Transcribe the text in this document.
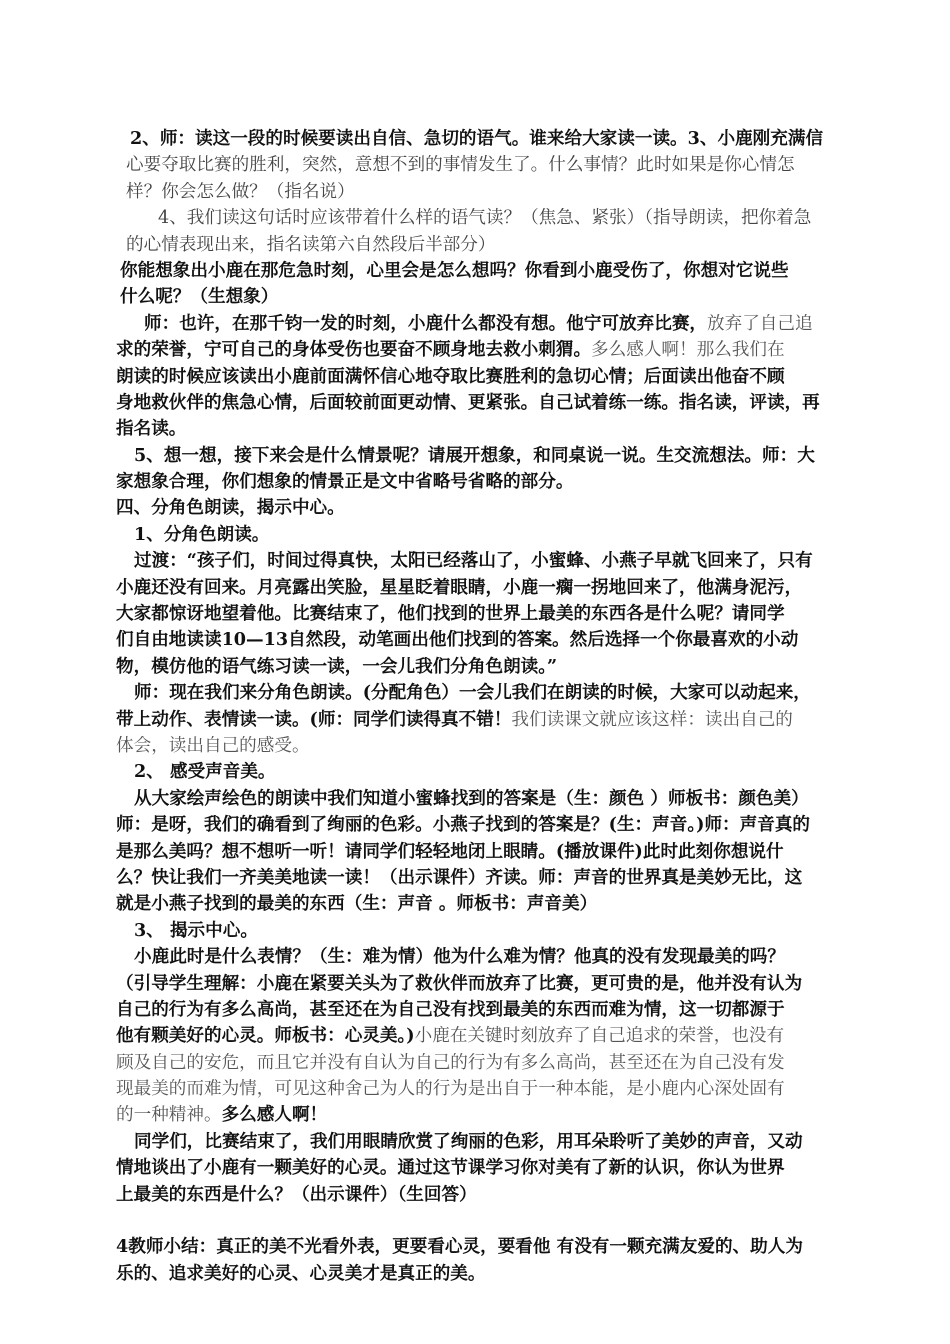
2、师：读这一段的时候要读出自信、急切的语气。谁来给大家读一读。3、小鹿刚充满信
心要夺取比赛的胜利，突然，意想不到的事情发生了。什么事情？此时如果是你心情怎
样？你会怎么做？（指名说）
4、我们读这句话时应该带着什么样的语气读？（焦急、紧张）（指导朗读，把你着急
的心情表现出来，指名读第六自然段后半部分）
你能想象出小鹿在那危急时刻，心里会是怎么想吗？你看到小鹿受伤了，你想对它说些
什么呢？（生想象）
师：也许，在那千钧一发的时刻，小鹿什么都没有想。他宁可放弃比赛，放弃了自己追
求的荣誉，宁可自己的身体受伤也要奋不顾身地去救小刺猬。多么感人啊！那么我们在
朗读的时候应该读出小鹿前面满怀信心地夺取比赛胜利的急切心情；后面读出他奋不顾
身地救伙伴的焦急心情，后面较前面更动情、更紧张。自己试着练一练。指名读，评读，再
指名读。
5、想一想，接下来会是什么情景呢？请展开想象，和同桌说一说。生交流想法。师：大
家想象合理，你们想象的情景正是文中省略号省略的部分。
四、分角色朗读，揭示中心。
1、分角色朗读。
过渡：“孩子们，时间过得真快，太阳已经落山了，小蜜蜂、小燕子早就飞回来了，只有
小鹿还没有回来。月亮露出笑脸，星星眨着眼睛，小鹿一瘸一拐地回来了，他满身泥污，
大家都惊讶地望着他。比赛结束了，他们找到的世界上最美的东西各是什么呢？请同学
们自由地读读10—13自然段，动笔画出他们找到的答案。然后选择一个你最喜欢的小动
物，模仿他的语气练习读一读，一会儿我们分角色朗读。”
师：现在我们来分角色朗读。(分配角色）一会儿我们在朗读的时候，大家可以动起来，
带上动作、表情读一读。(师：同学们读得真不错！我们读课文就应该这样：读出自己的
体会，读出自己的感受。
2、 感受声音美。
从大家绘声绘色的朗读中我们知道小蜜蜂找到的答案是（生：颜色 ）师板书：颜色美）
师：是呀，我们的确看到了绚丽的色彩。小燕子找到的答案是？(生：声音。)师：声音真的
是那么美吗？想不想听一听！请同学们轻轻地闭上眼睛。(播放课件)此时此刻你想说什
么？快让我们一齐美美地读一读！（出示课件）齐读。师：声音的世界真是美妙无比，这
就是小燕子找到的最美的东西（生：声音 。师板书：声音美）
3、 揭示中心。
小鹿此时是什么表情？（生：难为情）他为什么难为情？他真的没有发现最美的吗？
（引导学生理解：小鹿在紧要关头为了救伙伴而放弃了比赛，更可贵的是，他并没有认为
自己的行为有多么高尚，甚至还在为自己没有找到最美的东西而难为情，这一切都源于
他有颗美好的心灵。师板书：心灵美。)小鹿在关键时刻放弃了自己追求的荣誉，也没有
顾及自己的安危，而且它并没有自认为自己的行为有多么高尚，甚至还在为自己没有发
现最美的而难为情，可见这种舍己为人的行为是出自于一种本能，是小鹿内心深处固有
的一种精神。多么感人啊！
同学们，比赛结束了，我们用眼睛欣赏了绚丽的色彩，用耳朵聆听了美妙的声音，又动
情地谈出了小鹿有一颗美好的心灵。通过这节课学习你对美有了新的认识，你认为世界
上最美的东西是什么？（出示课件）（生回答）
4教师小结：真正的美不光看外表，更要看心灵，要看他 有没有一颗充满友爱的、助人为
乐的、追求美好的心灵、心灵美才是真正的美。
